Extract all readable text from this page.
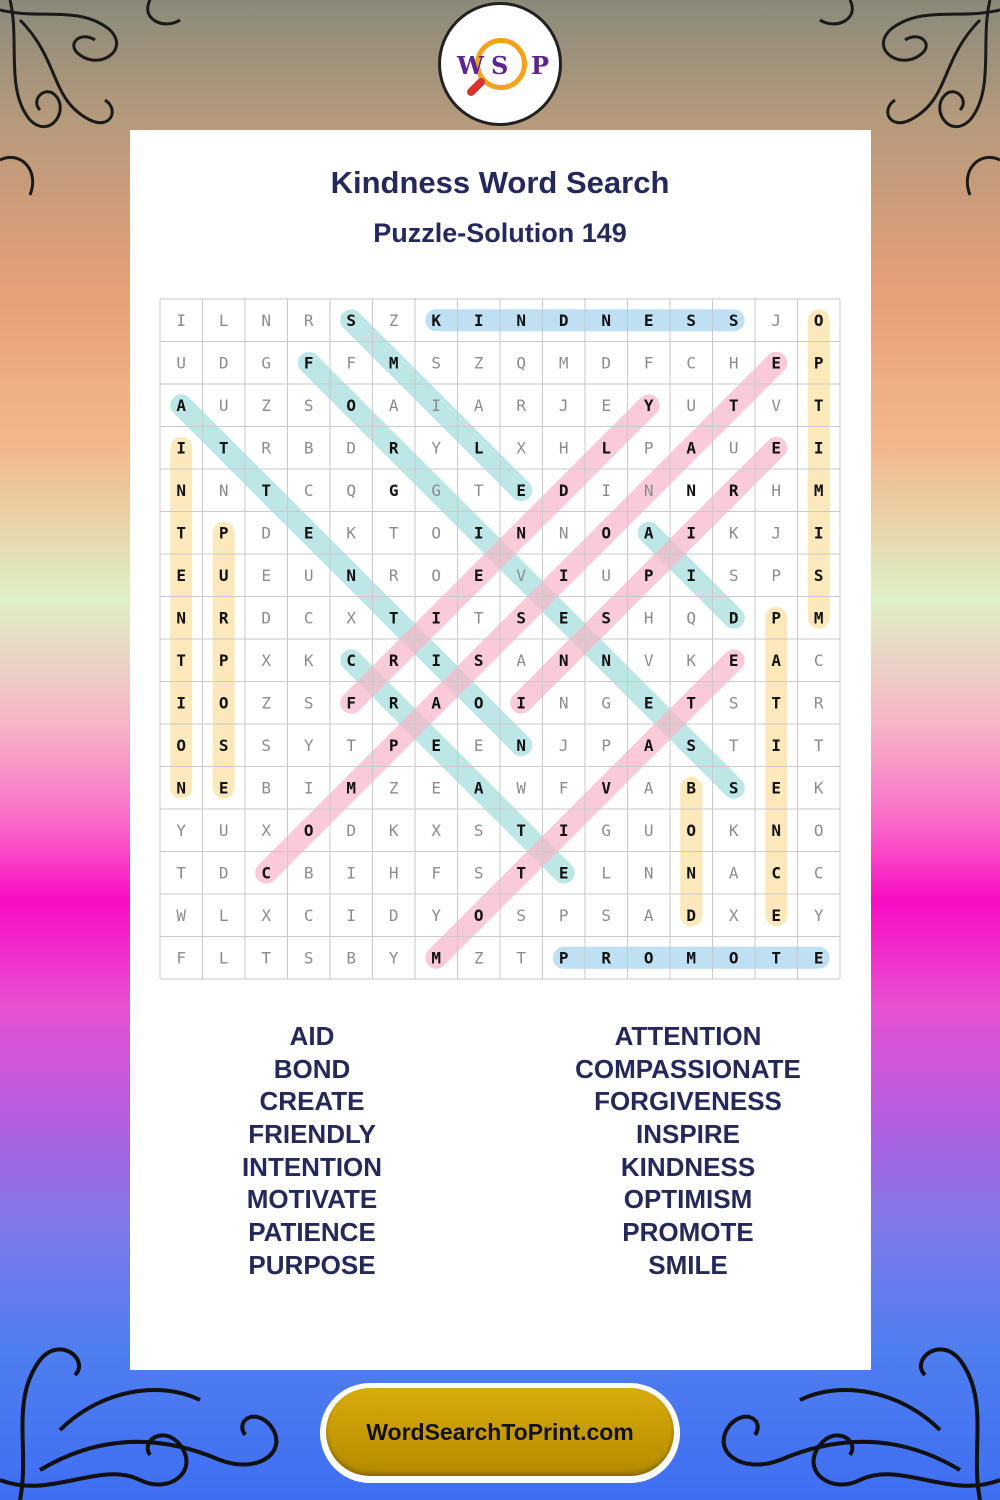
W S P
Kindness Word Search
Puzzle-Solution 149
I L N R S Z K I N D N E S S J O
U D G F F M S Z Q M D F C H E P
A U Z S O A I A R J E Y U T V T
I T R B D R Y L X H L P A U E I
N N T C Q G G T E D I N N R H M
T P D E K T O I N N O A I K J I
E U E U N R O E V I U P I S P S
N R D C X T I T S E S H Q D P M
T P X K C R I S A N N V K E A C
I O Z S F R A O I N G E T S T R
O S S Y T P E E N J P A S T I T
N E B I M Z E A W F V A B S E K
Y U X O D K X S T I G U O K N O
T D C B I H F S T E L N N A C C
W L X C I D Y O S P S A D X E Y
F L T S B Y M Z T P R O M O T E
AID
BOND
CREATE
FRIENDLY
INTENTION
MOTIVATE
PATIENCE
PURPOSE
ATTENTION
COMPASSIONATE
FORGIVENESS
INSPIRE
KINDNESS
OPTIMISM
PROMOTE
SMILE
WordSearchToPrint.com
